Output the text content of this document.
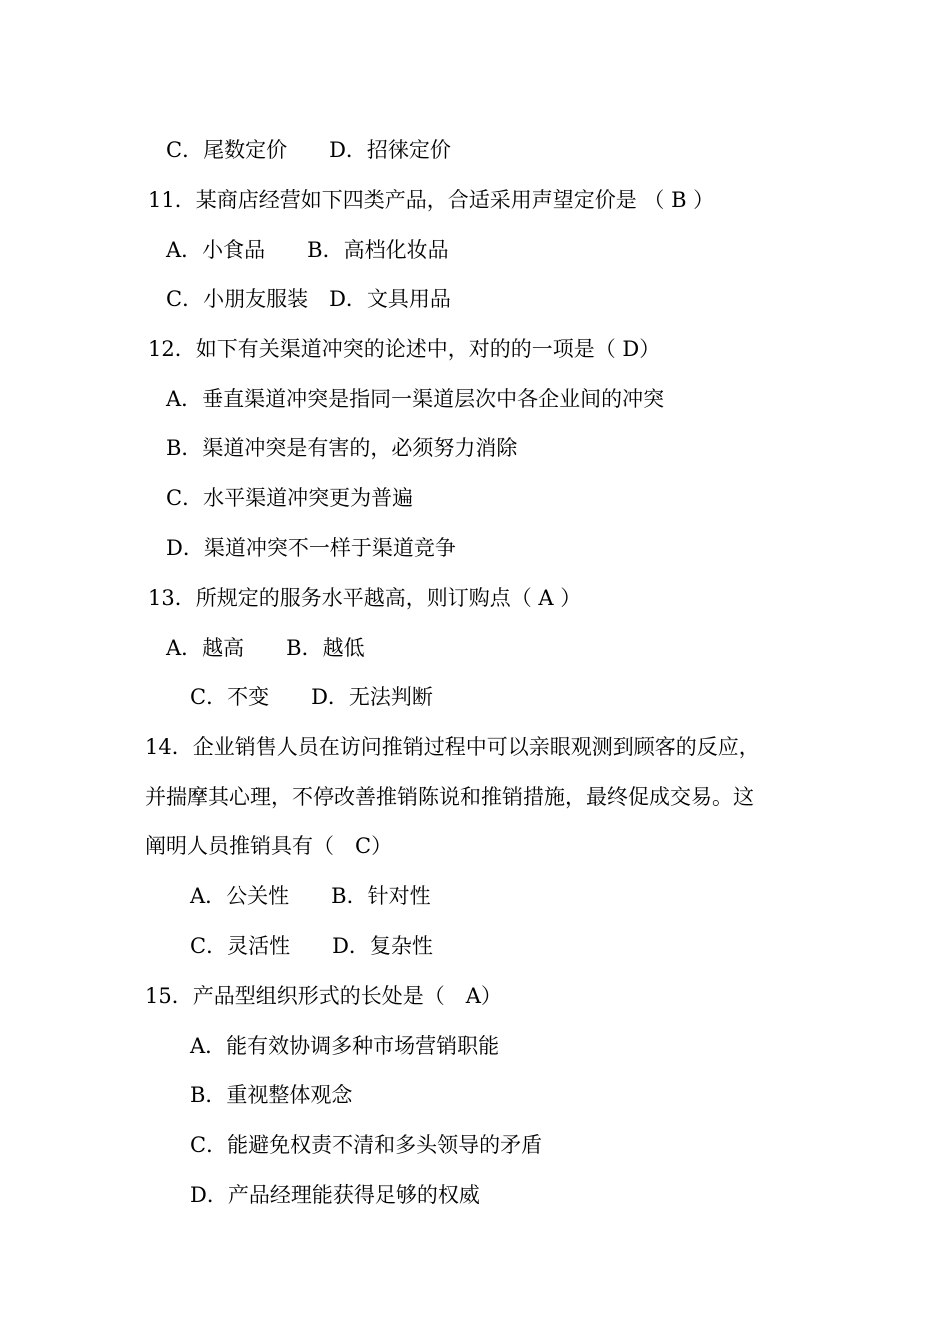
C．尾数定价　　D．招徕定价
11．某商店经营如下四类产品，合适采用声望定价是 （ B ）
A．小食品　　B．高档化妆品
C．小朋友服装　D．文具用品
12．如下有关渠道冲突的论述中，对的的一项是（ D）
A．垂直渠道冲突是指同一渠道层次中各企业间的冲突
B．渠道冲突是有害的，必须努力消除
C．水平渠道冲突更为普遍
D．渠道冲突不一样于渠道竞争
13．所规定的服务水平越高，则订购点（ A ）
A．越高　　B．越低
C．不变　　D．无法判断
14．企业销售人员在访问推销过程中可以亲眼观测到顾客的反应，
并揣摩其心理，不停改善推销陈说和推销措施，最终促成交易。这
阐明人员推销具有（　C）
A．公关性　　B．针对性
C．灵活性　　D．复杂性
15．产品型组织形式的长处是（　A）
A．能有效协调多种市场营销职能
B．重视整体观念
C．能避免权责不清和多头领导的矛盾
D．产品经理能获得足够的权威
